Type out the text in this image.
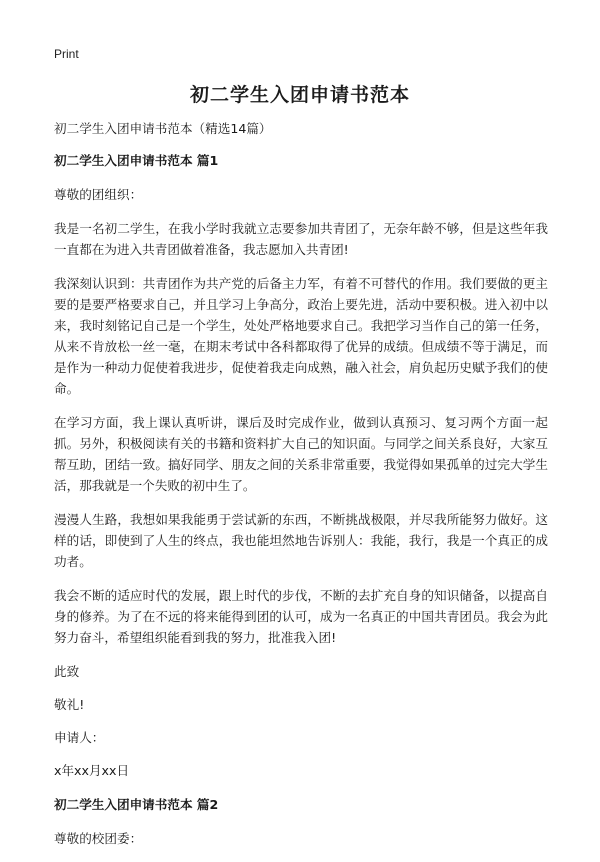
Print
初二学生入团申请书范本

初二学生入团申请书范本（精选14篇）

初二学生入团申请书范本 篇1

尊敬的团组织：

我是一名初二学生，在我小学时我就立志要参加共青团了，无奈年龄不够，但是这些年我一直都在为进入共青团做着准备，我志愿加入共青团!

我深刻认识到：共青团作为共产党的后备主力军，有着不可替代的作用。我们要做的更主要的是要严格要求自己，并且学习上争高分，政治上要先进，活动中要积极。进入初中以来，我时刻铭记自己是一个学生，处处严格地要求自己。我把学习当作自己的第一任务，从来不肯放松一丝一毫，在期末考试中各科都取得了优异的成绩。但成绩不等于满足，而是作为一种动力促使着我进步，促使着我走向成熟，融入社会，肩负起历史赋予我们的使命。

在学习方面，我上课认真听讲，课后及时完成作业，做到认真预习、复习两个方面一起抓。另外，积极阅读有关的书籍和资料扩大自己的知识面。与同学之间关系良好，大家互帮互助，团结一致。搞好同学、朋友之间的关系非常重要，我觉得如果孤单的过完大学生活，那我就是一个失败的初中生了。

漫漫人生路，我想如果我能勇于尝试新的东西，不断挑战极限，并尽我所能努力做好。这样的话，即使到了人生的终点，我也能坦然地告诉别人：我能，我行，我是一个真正的成功者。

我会不断的适应时代的发展，跟上时代的步伐，不断的去扩充自身的知识储备，以提高自身的修养。为了在不远的将来能得到团的认可，成为一名真正的中国共青团员。我会为此努力奋斗，希望组织能看到我的努力，批准我入团!

此致

敬礼!

申请人：

x年xx月xx日

初二学生入团申请书范本 篇2

尊敬的校团委：
